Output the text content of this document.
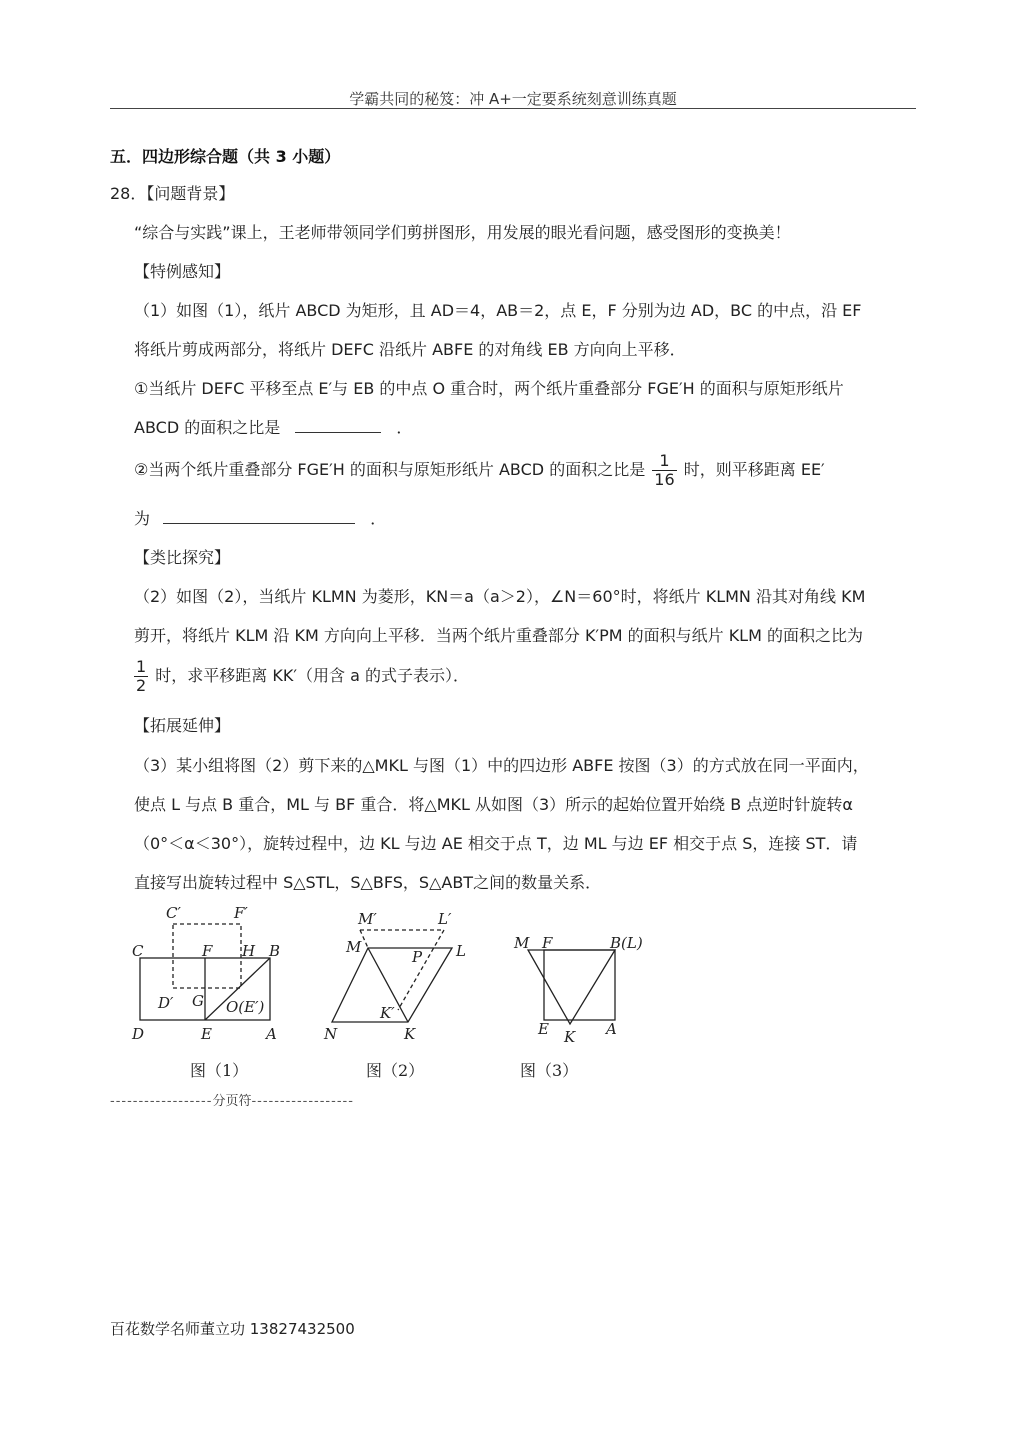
学霸共同的秘笈：冲 A+一定要系统刻意训练真题
五．四边形综合题（共 3 小题）
28．【问题背景】
“综合与实践”课上，王老师带领同学们剪拼图形，用发展的眼光看问题，感受图形的变换美！
【特例感知】
（1）如图（1），纸片 ABCD 为矩形，且 AD＝4，AB＝2，点 E，F 分别为边 AD，BC 的中点，沿 EF
将纸片剪成两部分，将纸片 DEFC 沿纸片 ABFE 的对角线 EB 方向向上平移．
①当纸片 DEFC 平移至点 E′与 EB 的中点 O 重合时，两个纸片重叠部分 FGE′H 的面积与原矩形纸片
ABCD 的面积之比是	．
②当两个纸片重叠部分 FGE′H 的面积与原矩形纸片 ABCD 的面积之比是 $\frac{1}{16}$ 时，则平移距离 EE′
为	．
【类比探究】
（2）如图（2），当纸片 KLMN 为菱形，KN＝a（a＞2），∠N＝60°时，将纸片 KLMN 沿其对角线 KM
剪开，将纸片 KLM 沿 KM 方向向上平移．当两个纸片重叠部分 K′PM 的面积与纸片 KLM 的面积之比为
$\frac{1}{2}$ 时，求平移距离 KK′（用含 a 的式子表示）．
【拓展延伸】
（3）某小组将图（2）剪下来的△MKL 与图（1）中的四边形 ABFE 按图（3）的方式放在同一平面内，
使点 L 与点 B 重合，ML 与 BF 重合．将△MKL 从如图（3）所示的起始位置开始绕 B 点逆时针旋转α
（0°＜α＜30°），旋转过程中，边 KL 与边 AE 相交于点 T，边 ML 与边 EF 相交于点 S，连接 ST．请
直接写出旋转过程中 S△STL，S△BFS，S△ABT之间的数量关系．
C′	F′
C	F H B
D′ G O(E′)
D	E	A
图（1）
M′	L′
M
P L
K′
N	K
图（2）
M F	B(L)
E	A
K
图（3）
------------------分页符------------------
百花数学名师董立功 13827432500
